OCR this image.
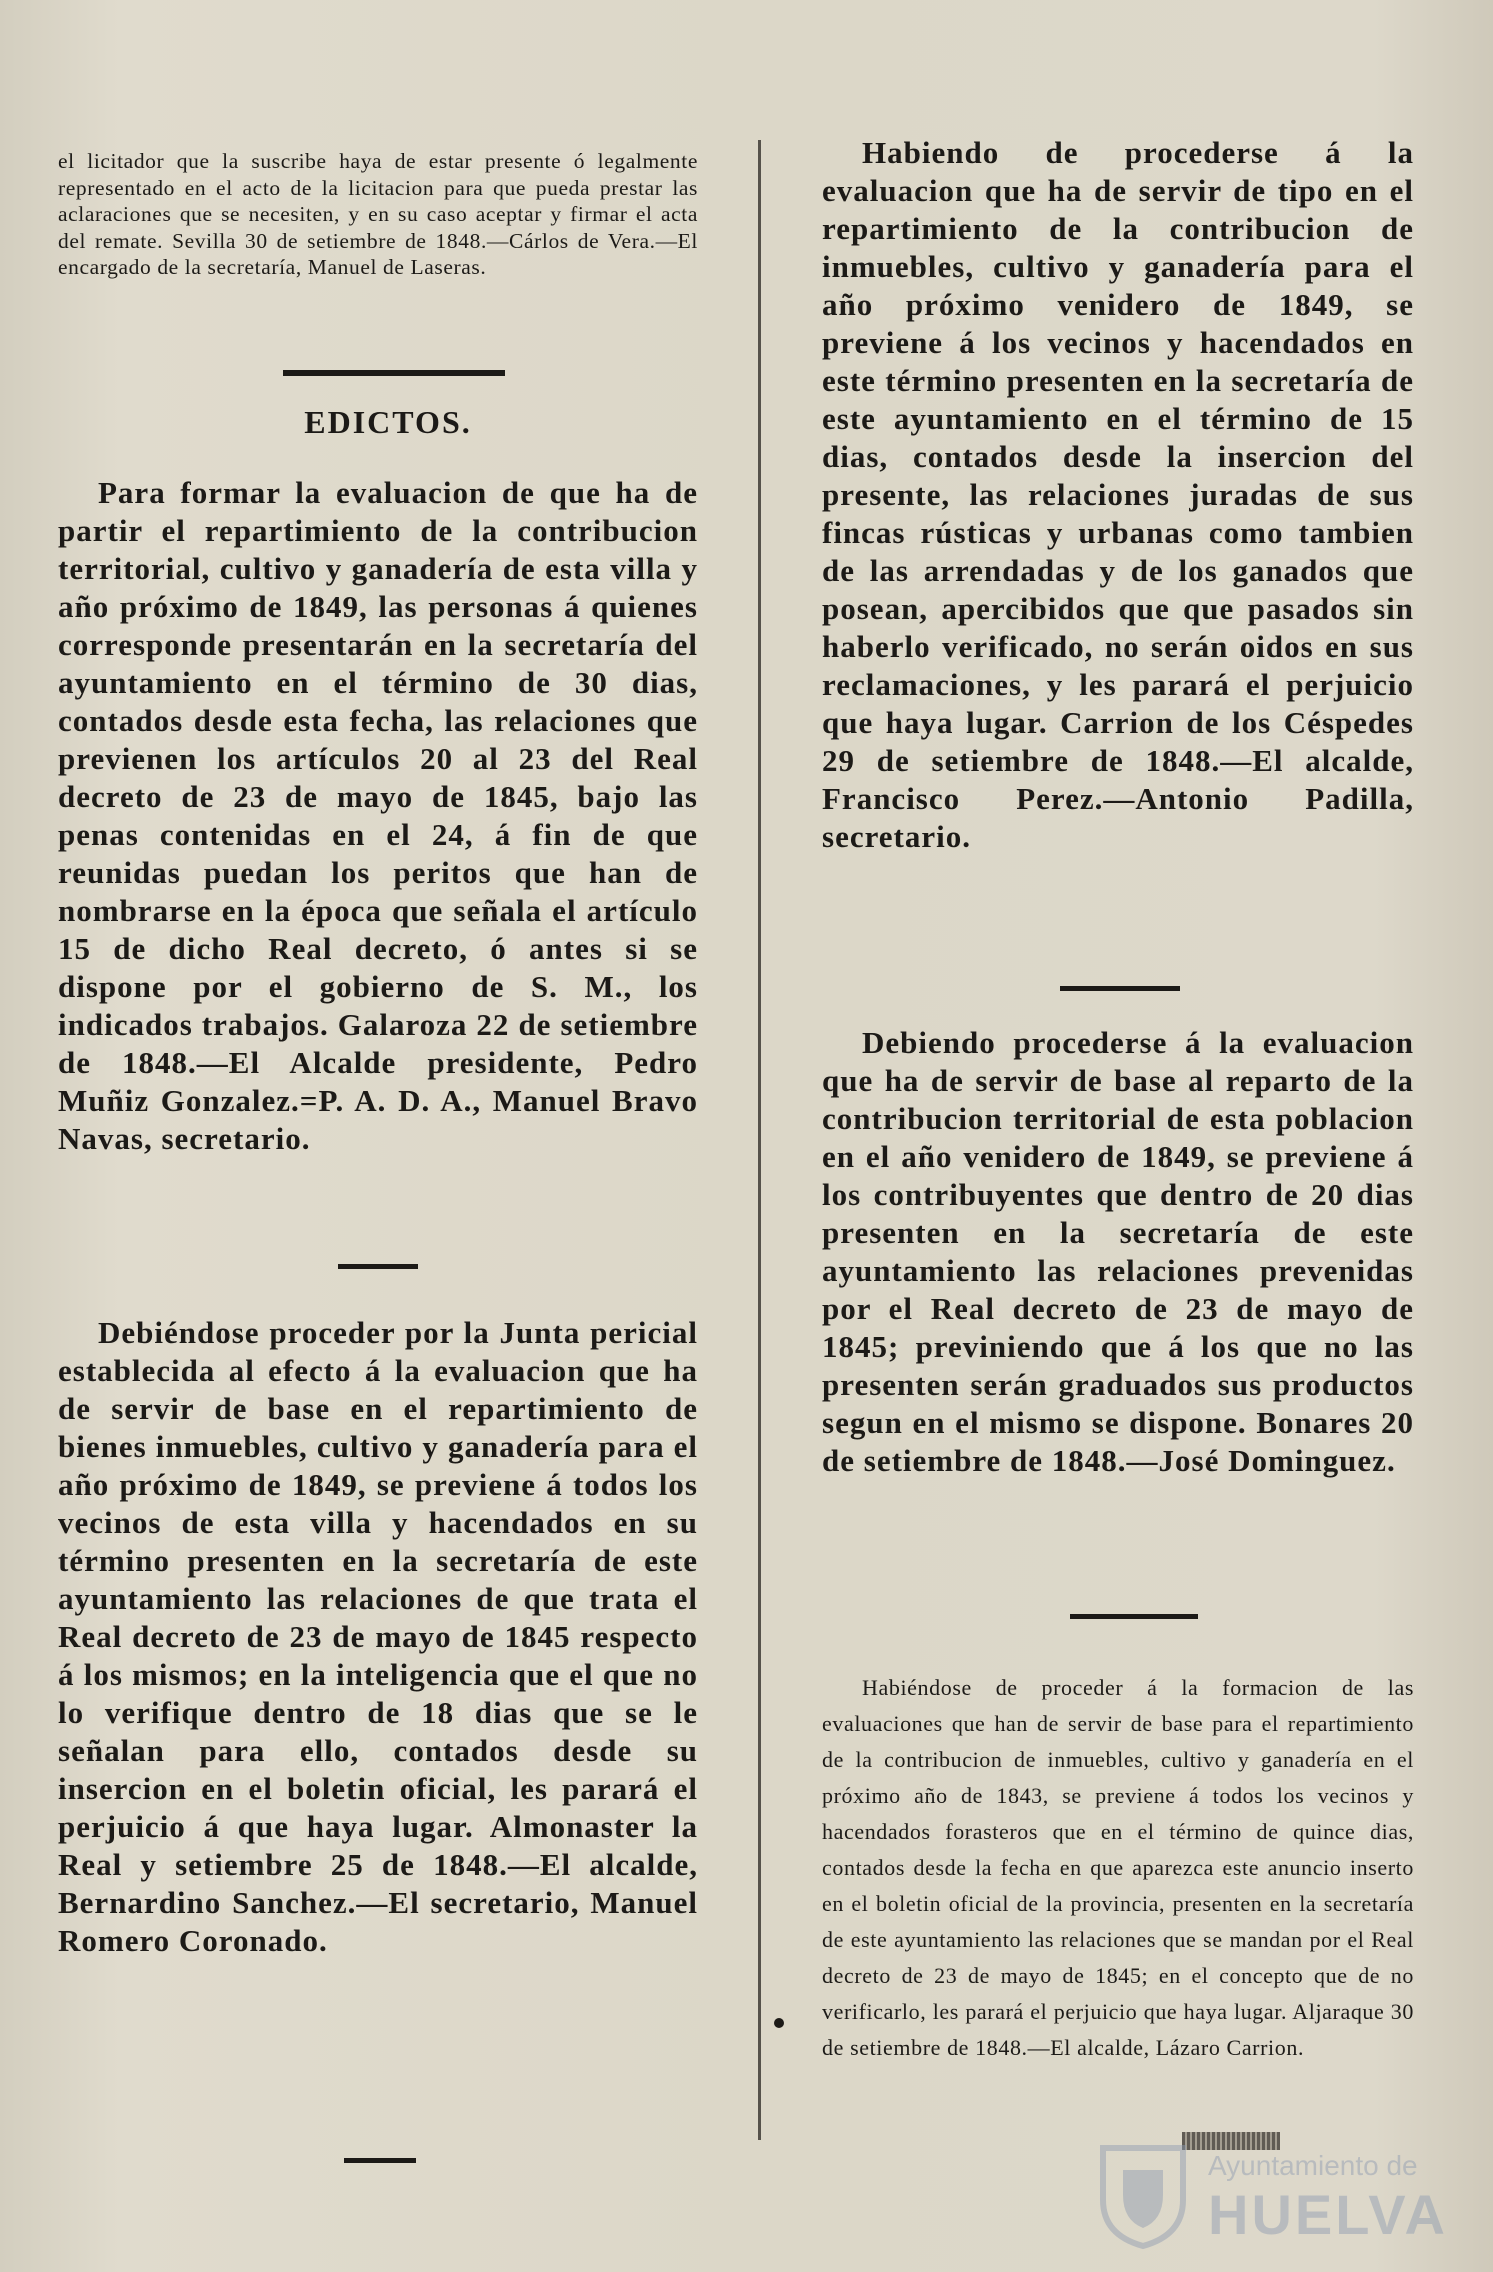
el licitador que la suscribe haya de estar presente ó legalmente representado en el acto de la licitacion para que pueda prestar las aclaraciones que se necesiten, y en su caso aceptar y firmar el acta del remate. Sevilla 30 de setiembre de 1848.—Cárlos de Vera.—El encargado de la secretaría, Manuel de Laseras.

EDICTOS.

Para formar la evaluacion de que ha de partir el repartimiento de la contribucion territorial, cultivo y ganadería de esta villa y año próximo de 1849, las personas á quienes corresponde presentarán en la secretaría del ayuntamiento en el término de 30 dias, contados desde esta fecha, las relaciones que previenen los artículos 20 al 23 del Real decreto de 23 de mayo de 1845, bajo las penas contenidas en el 24, á fin de que reunidas puedan los peritos que han de nombrarse en la época que señala el artículo 15 de dicho Real decreto, ó antes si se dispone por el gobierno de S. M., los indicados trabajos. Galaroza 22 de setiembre de 1848.—El Alcalde presidente, Pedro Muñiz Gonzalez.=P. A. D. A., Manuel Bravo Navas, secretario.

Debiéndose proceder por la Junta pericial establecida al efecto á la evaluacion que ha de servir de base en el repartimiento de bienes inmuebles, cultivo y ganadería para el año próximo de 1849, se previene á todos los vecinos de esta villa y hacendados en su término presenten en la secretaría de este ayuntamiento las relaciones de que trata el Real decreto de 23 de mayo de 1845 respecto á los mismos; en la inteligencia que el que no lo verifique dentro de 18 dias que se le señalan para ello, contados desde su insercion en el boletin oficial, les parará el perjuicio á que haya lugar. Almonaster la Real y setiembre 25 de 1848.—El alcalde, Bernardino Sanchez.—El secretario, Manuel Romero Coronado.

Habiendo de procederse á la evaluacion que ha de servir de tipo en el repartimiento de la contribucion de inmuebles, cultivo y ganadería para el año próximo venidero de 1849, se previene á los vecinos y hacendados en este término presenten en la secretaría de este ayuntamiento en el término de 15 dias, contados desde la insercion del presente, las relaciones juradas de sus fincas rústicas y urbanas como tambien de las arrendadas y de los ganados que posean, apercibidos que que pasados sin haberlo verificado, no serán oidos en sus reclamaciones, y les parará el perjuicio que haya lugar. Carrion de los Céspedes 29 de setiembre de 1848.—El alcalde, Francisco Perez.—Antonio Padilla, secretario.

Debiendo procederse á la evaluacion que ha de servir de base al reparto de la contribucion territorial de esta poblacion en el año venidero de 1849, se previene á los contribuyentes que dentro de 20 dias presenten en la secretaría de este ayuntamiento las relaciones prevenidas por el Real decreto de 23 de mayo de 1845; previniendo que á los que no las presenten serán graduados sus productos segun en el mismo se dispone. Bonares 20 de setiembre de 1848.—José Dominguez.

Habiéndose de proceder á la formacion de las evaluaciones que han de servir de base para el repartimiento de la contribucion de inmuebles, cultivo y ganadería en el próximo año de 1843, se previene á todos los vecinos y hacendados forasteros que en el término de quince dias, contados desde la fecha en que aparezca este anuncio inserto en el boletin oficial de la provincia, presenten en la secretaría de este ayuntamiento las relaciones que se mandan por el Real decreto de 23 de mayo de 1845; en el concepto que de no verificarlo, les parará el perjuicio que haya lugar. Aljaraque 30 de setiembre de 1848.—El alcalde, Lázaro Carrion.

Ayuntamiento de
HUELVA
